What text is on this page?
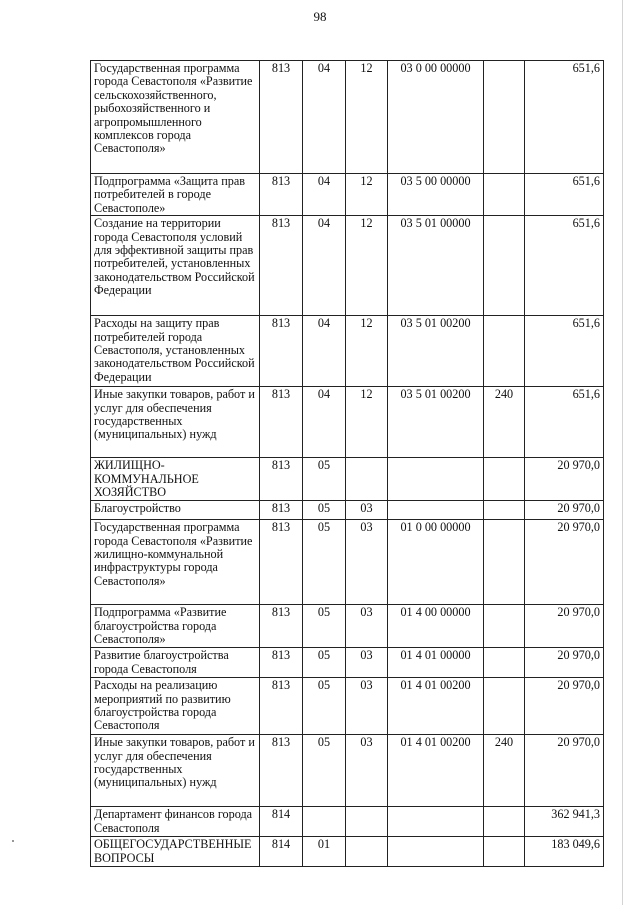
98
Государственная программа города Севастополя «Развитие сельскохозяйственного, рыбохозяйственного и агропромышленного комплексов города Севастополя»	813	04	12	03 0 00 00000		651,6
Подпрограмма «Защита прав потребителей в городе Севастополе»	813	04	12	03 5 00 00000		651,6
Создание на территории города Севастополя условий для эффективной защиты прав потребителей, установленных законодательством Российской Федерации	813	04	12	03 5 01 00000		651,6
Расходы на защиту прав потребителей города Севастополя, установленных законодательством Российской Федерации	813	04	12	03 5 01 00200		651,6
Иные закупки товаров, работ и услуг для обеспечения государственных (муниципальных) нужд	813	04	12	03 5 01 00200	240	651,6
ЖИЛИЩНО-КОММУНАЛЬНОЕ ХОЗЯЙСТВО	813	05				20 970,0
Благоустройство	813	05	03			20 970,0
Государственная программа города Севастополя «Развитие жилищно-коммунальной инфраструктуры города Севастополя»	813	05	03	01 0 00 00000		20 970,0
Подпрограмма «Развитие благоустройства города Севастополя»	813	05	03	01 4 00 00000		20 970,0
Развитие благоустройства города Севастополя	813	05	03	01 4 01 00000		20 970,0
Расходы на реализацию мероприятий по развитию благоустройства города Севастополя	813	05	03	01 4 01 00200		20 970,0
Иные закупки товаров, работ и услуг для обеспечения государственных (муниципальных) нужд	813	05	03	01 4 01 00200	240	20 970,0
Департамент финансов города Севастополя	814					362 941,3
ОБЩЕГОСУДАРСТВЕННЫЕ ВОПРОСЫ	814	01				183 049,6
